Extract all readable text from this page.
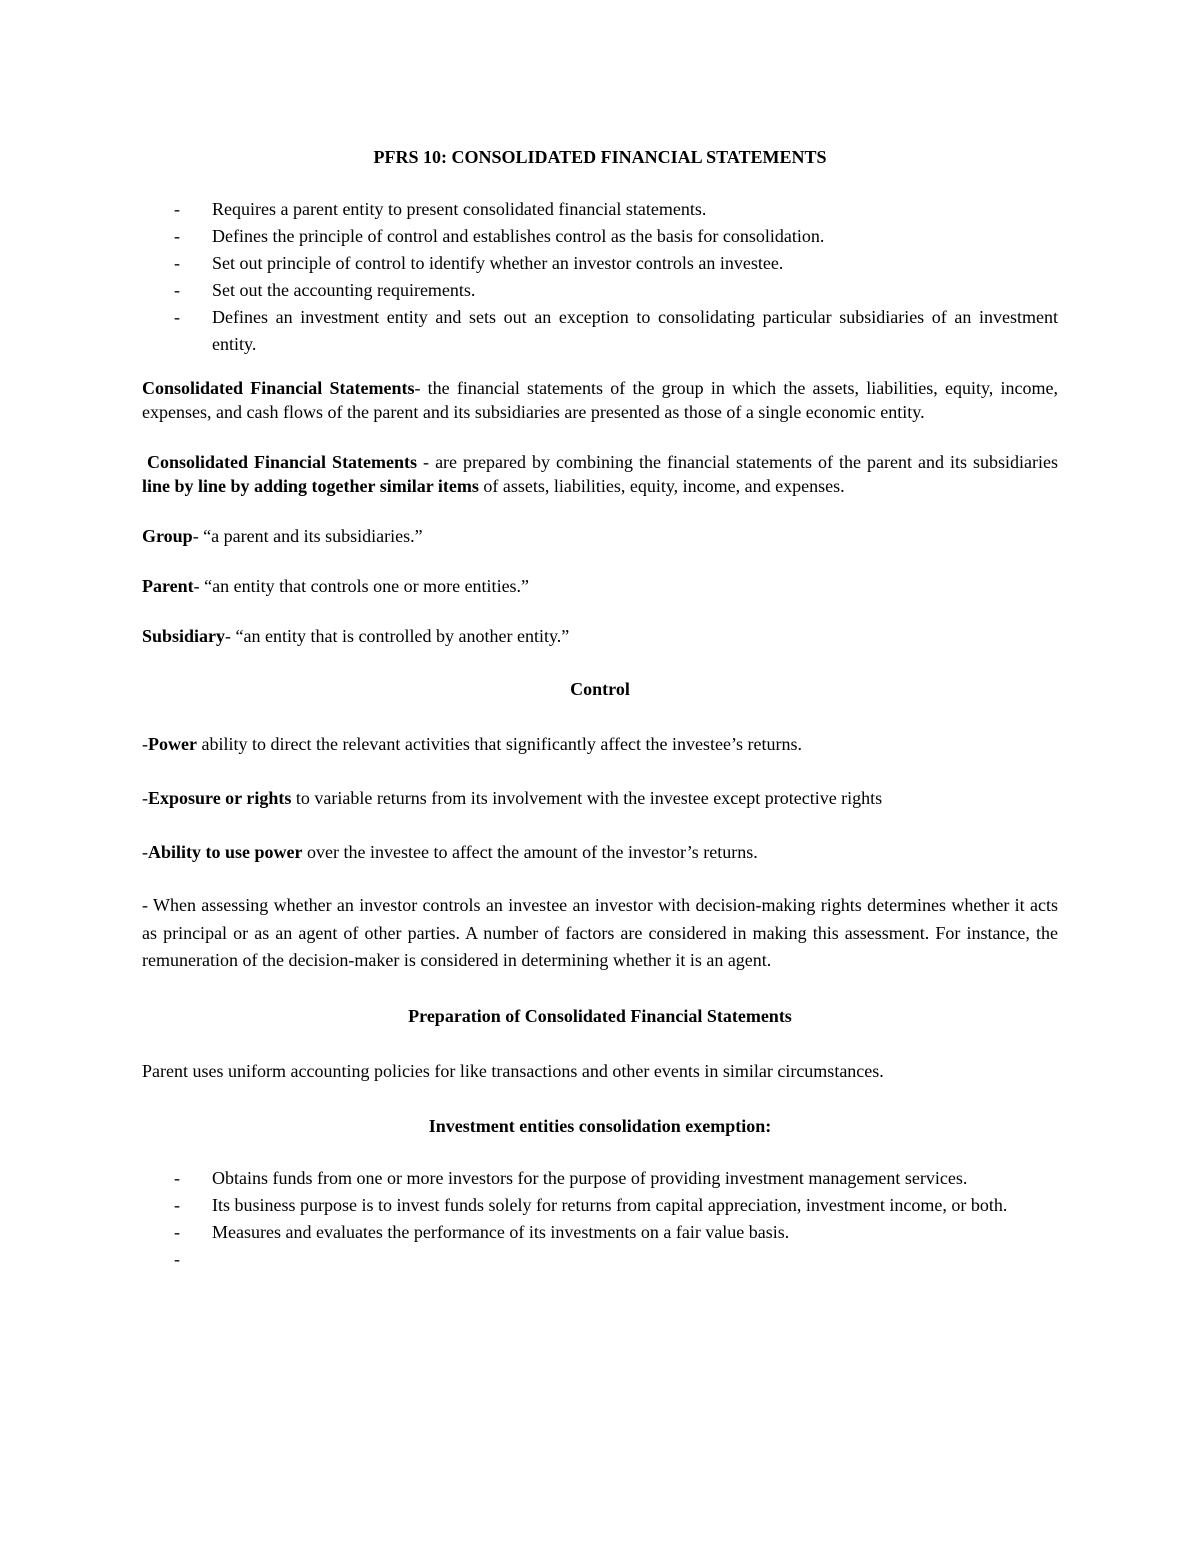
PFRS 10: CONSOLIDATED FINANCIAL STATEMENTS
- Requires a parent entity to present consolidated financial statements.
- Defines the principle of control and establishes control as the basis for consolidation.
- Set out principle of control to identify whether an investor controls an investee.
- Set out the accounting requirements.
- Defines an investment entity and sets out an exception to consolidating particular subsidiaries of an investment entity.

Consolidated Financial Statements- the financial statements of the group in which the assets, liabilities, equity, income, expenses, and cash flows of the parent and its subsidiaries are presented as those of a single economic entity.

Consolidated Financial Statements - are prepared by combining the financial statements of the parent and its subsidiaries line by line by adding together similar items of assets, liabilities, equity, income, and expenses.

Group- “a parent and its subsidiaries.”

Parent- “an entity that controls one or more entities.”

Subsidiary- “an entity that is controlled by another entity.”

Control

-Power ability to direct the relevant activities that significantly affect the investee’s returns.

-Exposure or rights to variable returns from its involvement with the investee except protective rights

-Ability to use power over the investee to affect the amount of the investor’s returns.

- When assessing whether an investor controls an investee an investor with decision-making rights determines whether it acts as principal or as an agent of other parties. A number of factors are considered in making this assessment. For instance, the remuneration of the decision-maker is considered in determining whether it is an agent.

Preparation of Consolidated Financial Statements

Parent uses uniform accounting policies for like transactions and other events in similar circumstances.

Investment entities consolidation exemption:
- Obtains funds from one or more investors for the purpose of providing investment management services.
- Its business purpose is to invest funds solely for returns from capital appreciation, investment income, or both.
- Measures and evaluates the performance of its investments on a fair value basis.
-
